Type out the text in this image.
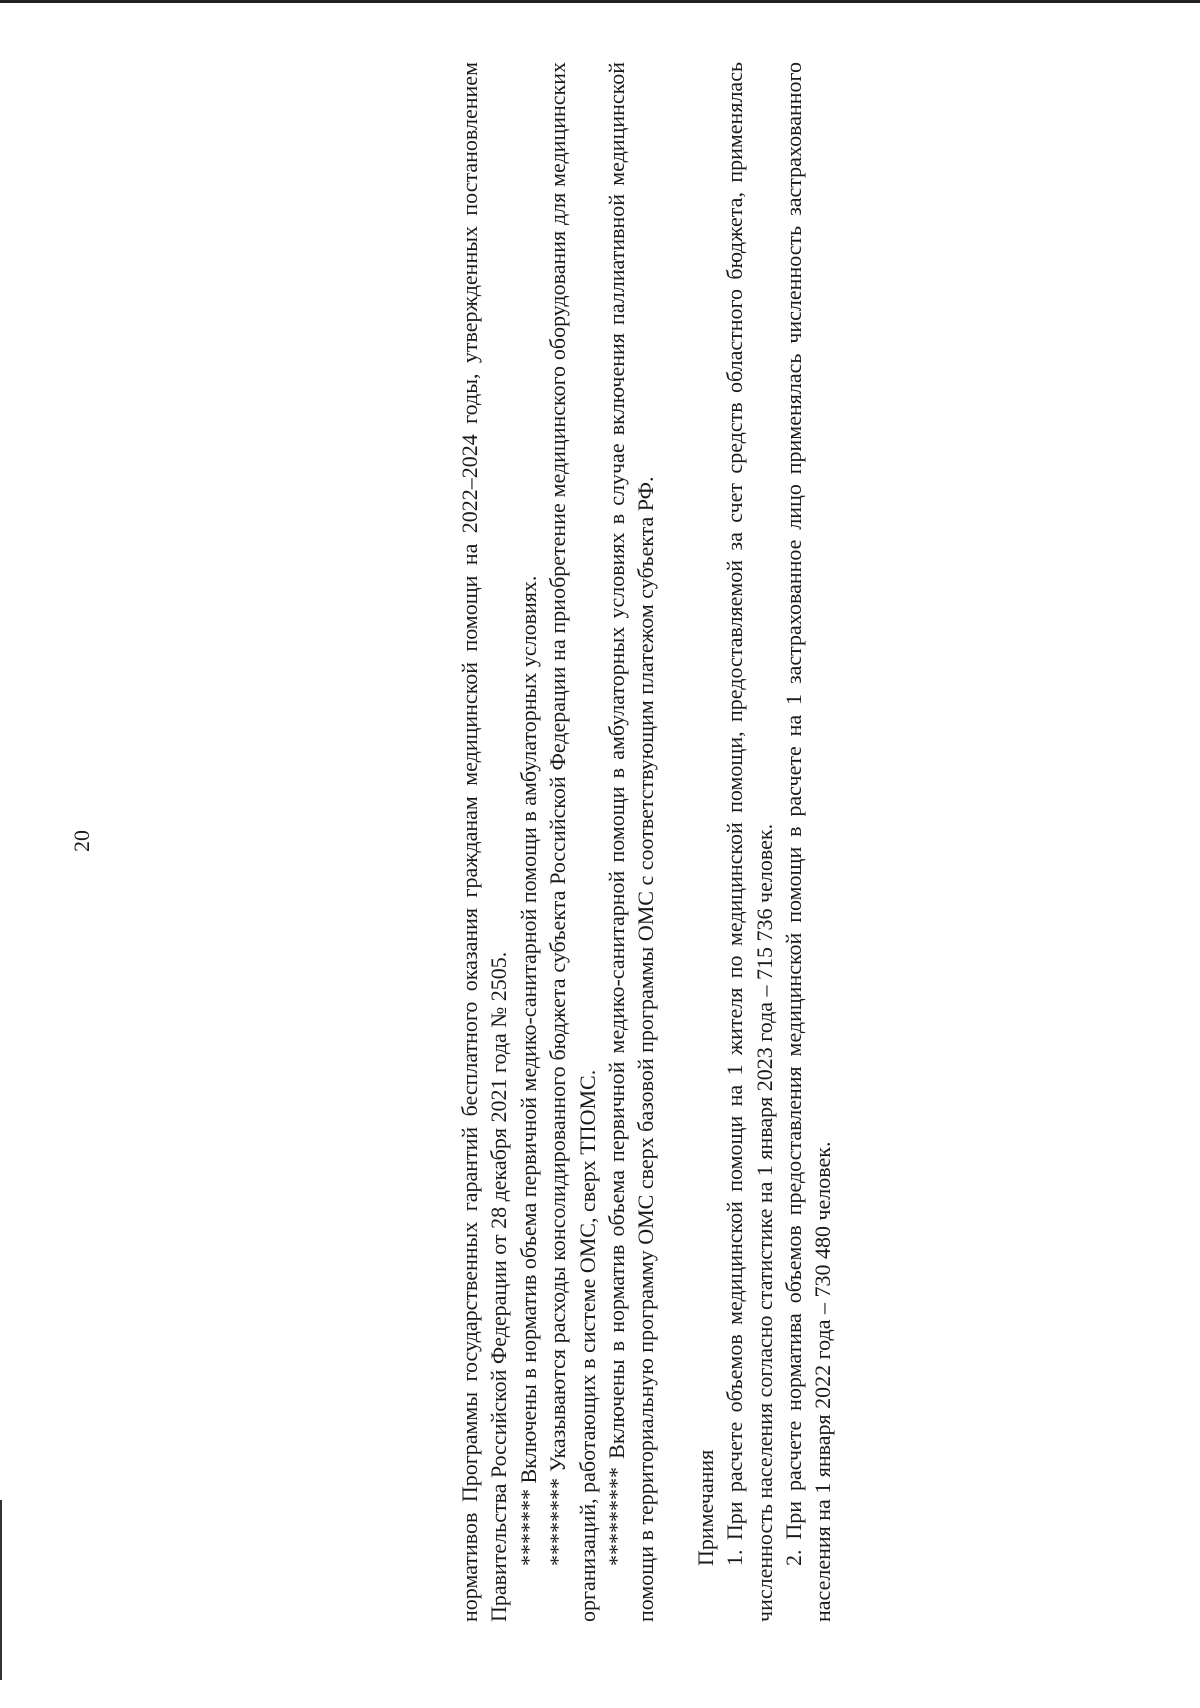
20	нормативов Программы государственных гарантий бесплатного оказания гражданам медицинской помощи на 2022–2024 годы, утвержденных постановлением Правительства Российской Федерации от 28 декабря 2021 года № 2505. ******* Включены в норматив объема первичной медико-санитарной помощи в амбулаторных условиях. ******** Указываются расходы консолидированного бюджета субъекта Российской Федерации на приобретение медицинского оборудования для медицинских организаций, работающих в системе ОМС, сверх ТПОМС. ********* Включены в норматив объема первичной медико-санитарной помощи в амбулаторных условиях в случае включения паллиативной медицинской помощи в территориальную программу ОМС сверх базовой программы ОМС с соответствующим платежом субъекта РФ. Примечания 1. При расчете объемов медицинской помощи на 1 жителя по медицинской помощи, предоставляемой за счет средств областного бюджета, применялась численность населения согласно статистике на 1 января 2023 года – 715 736 человек. 2. При расчете норматива объемов предоставления медицинской помощи в расчете на 1 застрахованное лицо применялась численность застрахованного населения на 1 января 2022 года – 730 480 человек.
